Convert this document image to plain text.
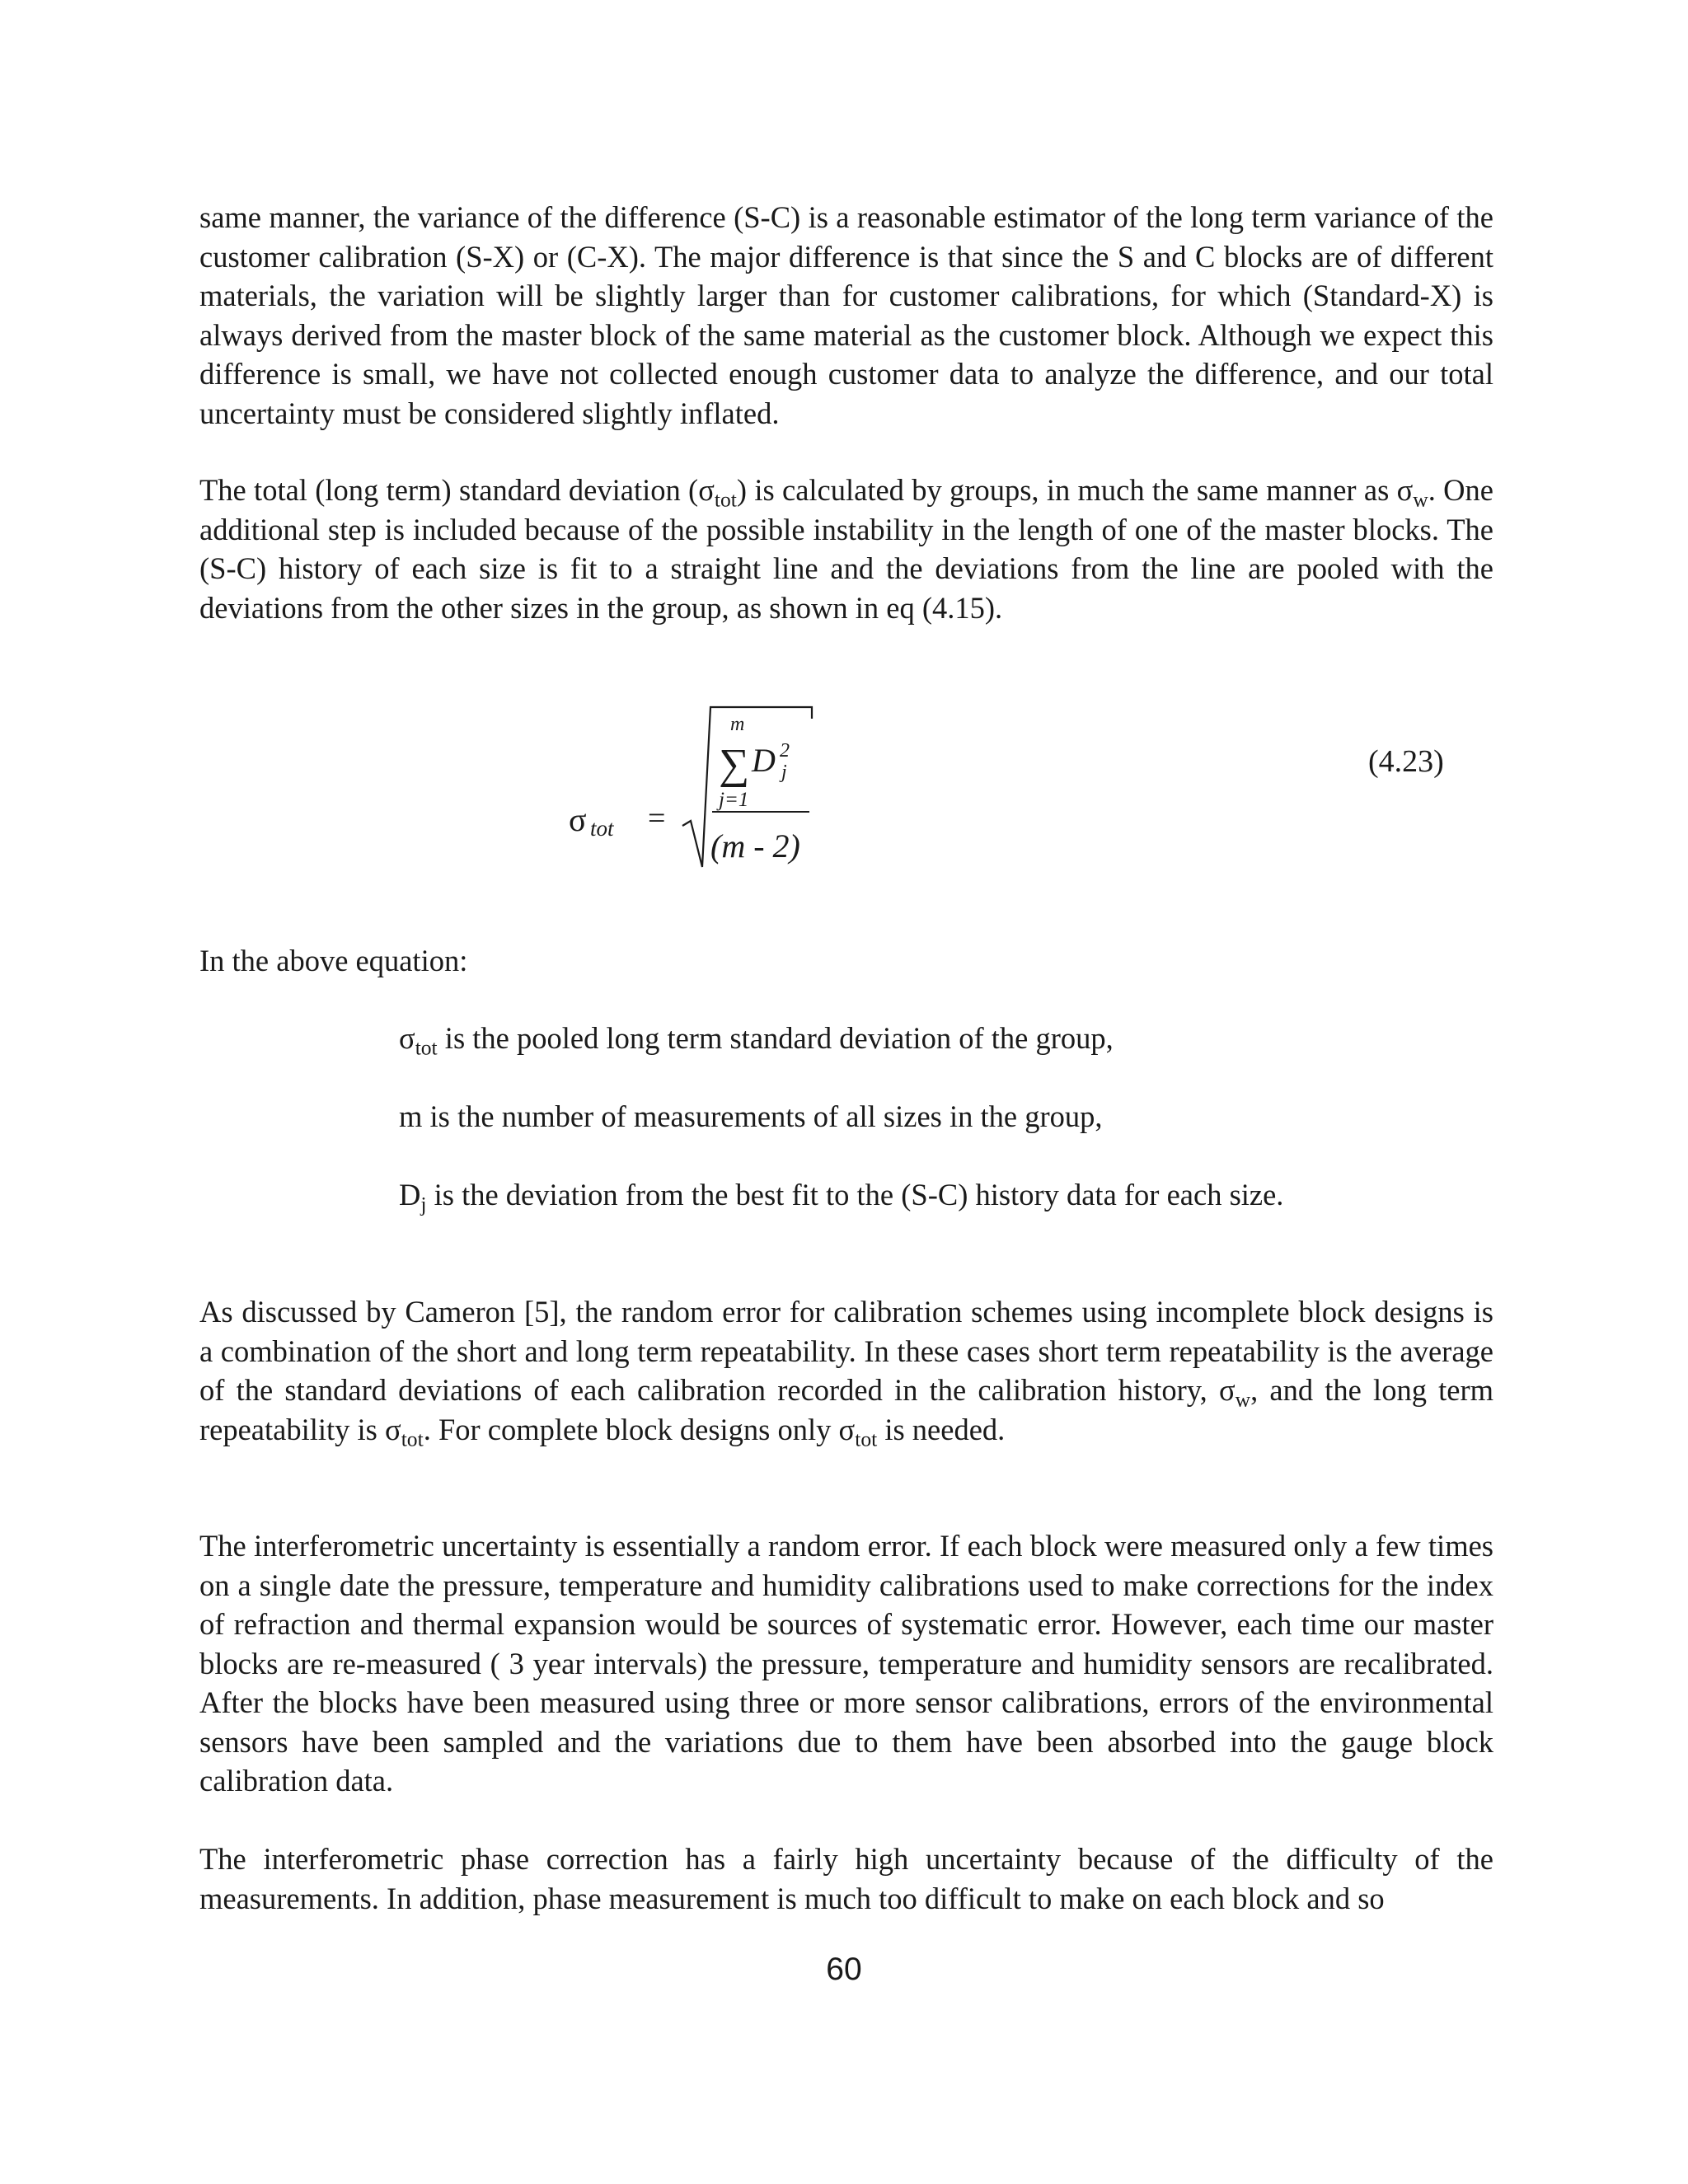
same manner, the variance of the difference (S-C) is a reasonable estimator of the long term variance of the customer calibration (S-X) or (C-X). The major difference is that since the S and C blocks are of different materials, the variation will be slightly larger than for customer calibrations, for which (Standard-X) is always derived from the master block of the same material as the customer block. Although we expect this difference is small, we have not collected enough customer data to analyze the difference, and our total uncertainty must be considered slightly inflated.

The total (long term) standard deviation $(\sigma_{tot})$ is calculated by groups, in much the same manner as $\sigma_w$. One additional step is included because of the possible instability in the length of one of the master blocks. The (S-C) history of each size is fit to a straight line and the deviations from the line are pooled with the deviations from the other sizes in the group, as shown in eq (4.15).

σ tot =
m
∑ D 2
j
j=1
(m - 2)
(4.23)

In the above equation:

$\sigma_{tot}$ is the pooled long term standard deviation of the group,

m is the number of measurements of all sizes in the group,

$D_j$ is the deviation from the best fit to the (S-C) history data for each size.

As discussed by Cameron [5], the random error for calibration schemes using incomplete block designs is a combination of the short and long term repeatability. In these cases short term repeatability is the average of the standard deviations of each calibration recorded in the calibration history, $\sigma_w$, and the long term repeatability is $\sigma_{tot}$. For complete block designs only $\sigma_{tot}$ is needed.

The interferometric uncertainty is essentially a random error. If each block were measured only a few times on a single date the pressure, temperature and humidity calibrations used to make corrections for the index of refraction and thermal expansion would be sources of systematic error. However, each time our master blocks are re-measured ( 3 year intervals) the pressure, temperature and humidity sensors are recalibrated. After the blocks have been measured using three or more sensor calibrations, errors of the environmental sensors have been sampled and the variations due to them have been absorbed into the gauge block calibration data.

The interferometric phase correction has a fairly high uncertainty because of the difficulty of the measurements. In addition, phase measurement is much too difficult to make on each block and so

60
